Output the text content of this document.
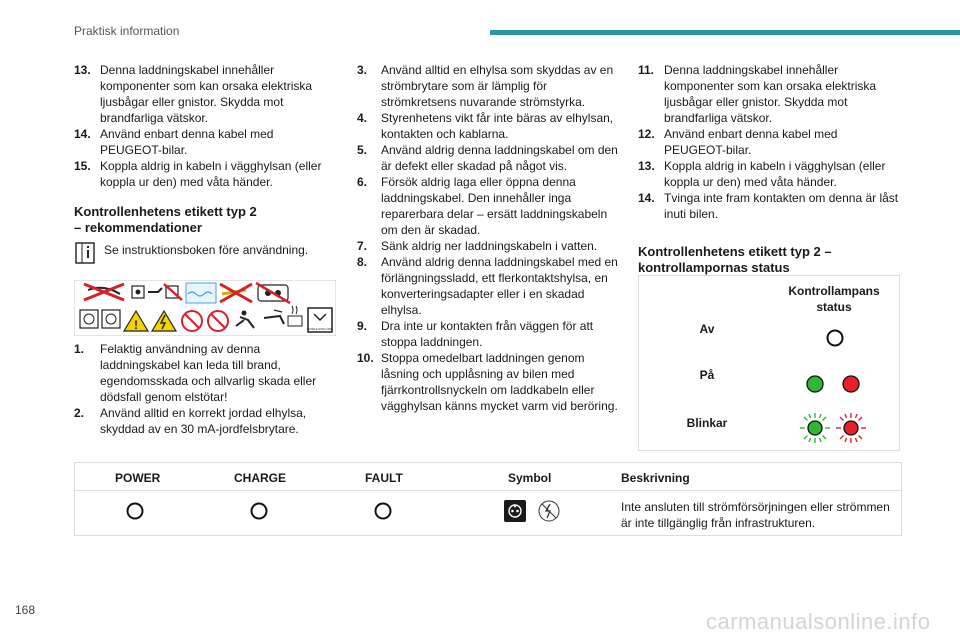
Praktisk information
13. Denna laddningskabel innehåller komponenter som kan orsaka elektriska ljusbågar eller gnistor. Skydda mot brandfarliga vätskor.
14. Använd enbart denna kabel med PEUGEOT-bilar.
15. Koppla aldrig in kabeln i vägghylsan (eller koppla ur den) med våta händer.
Kontrollenhetens etikett typ 2
– rekommendationer
Se instruktionsboken före användning.
1.	Felaktig användning av denna laddningskabel kan leda till brand, egendomsskada och allvarlig skada eller dödsfall genom elstötar!
2.	Använd alltid en korrekt jordad elhylsa, skyddad av en 30 mA-jordfelsbrytare.
!	HANDLE WITH CARE
3.	Använd alltid en elhylsa som skyddas av en strömbrytare som är lämplig för strömkretsens nuvarande strömstyrka.
4.	Styrenhetens vikt får inte bäras av elhylsan, kontakten och kablarna.
5.	Använd aldrig denna laddningskabel om den är defekt eller skadad på något vis.
6.	Försök aldrig laga eller öppna denna laddningskabel. Den innehåller inga reparerbara delar – ersätt laddningskabeln om den är skadad.
7.	Sänk aldrig ner laddningskabeln i vatten.
8.	Använd aldrig denna laddningskabel med en förlängningssladd, ett flerkontaktshylsa, en konverteringsadapter eller i en skadad elhylsa.
9.	Dra inte ur kontakten från väggen för att stoppa laddningen.
10. Stoppa omedelbart laddningen genom låsning och upplåsning av bilen med fjärrkontrollsnyckeln om laddkabeln eller vägghylsan känns mycket varm vid beröring.
11. Denna laddningskabel innehåller komponenter som kan orsaka elektriska ljusbågar eller gnistor. Skydda mot brandfarliga vätskor.
12. Använd enbart denna kabel med PEUGEOT-bilar.
13. Koppla aldrig in kabeln i vägghylsan (eller koppla ur den) med våta händer.
14. Tvinga inte fram kontakten om denna är låst inuti bilen.
Kontrollenhetens etikett typ 2 –
kontrollampornas status
Kontrollampans
status
Av
På
Blinkar
POWER	CHARGE	FAULT	Symbol	Beskrivning
Inte ansluten till strömförsörjningen eller strömmen är inte tillgänglig från infrastrukturen.
168	carmanualsonline.info
